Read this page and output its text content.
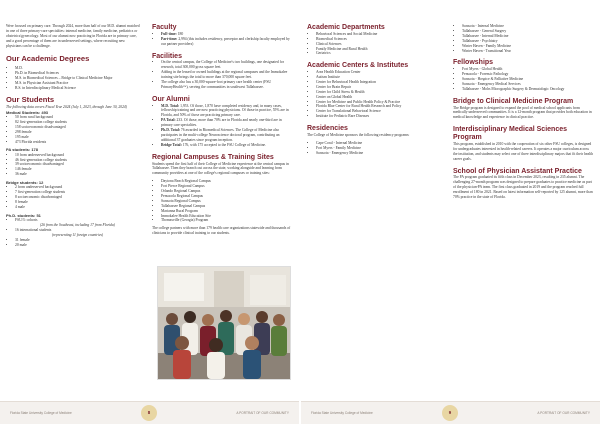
Were focused on primary care. Through 2024, more than half of our M.D. alumni matched in one of three primary-care specialties: internal medicine, family medicine, pediatrics or obstetrics/gynecology. Most of our alumni now practicing in Florida are in primary care, and a good percentage of them are in underserved settings, where recruiting new physicians can be a challenge.

Our Academic Degrees
• M.D.
• Ph.D. in Biomedical Sciences
• M.S. in Biomedical Sciences – Bridge to Clinical Medicine Major
• M.S. in Physician Assistant Practice
• B.S. in Interdisciplinary Medical Science
Our Students

The following data covers Fiscal Year 2024 (July 1, 2023, through June 30, 2024)

Medical Students: 493
• 50 from rural background
• 82 first-generation college students
• 158 socioeconomic disadvantaged
• 298 female
• 195 male
• 473 Florida residents
PA students: 178
• 10 from underserved background
• 46 first-generation college students
• 39 socioeconomic disadvantaged
• 146 female
• 36 male
Bridge students: 12
• 2 from underserved background
• 7 first-generation college students
• 8 socioeconomic disadvantaged
• 8 female
• 4 male
Ph.D. students: 51
• FSU/3: cohorts
(26 from the Southeast, including 17 from Florida)
• 16 international students
(representing 11 foreign countries)
• 31 female
• 20 male
Faculty
• Full-time: 180
• Part-time: 2,994 (this includes residency, preceptor and clerkship faculty employed by our partner providers)
Facilities
• On the central campus, the College of Medicine's two buildings, one designated for research, total 300,000 gross square feet.
• Adding in the leased or owned buildings at the regional campuses and the Immokalee training site brings the total to more than 370,000 square feet.
• The college also has a 30,000-square-foot primary care health center (FSU PrimaryHealth™), serving the communities in southwest Tallahassee.
Our Alumni
• M.D. Total: 1,953. Of those, 1,870 have completed residency and, in many cases, fellowship training and are now practicing physicians. Of those in practice, 55% are in Florida, and 50% of those are practicing primary care.
• PA Total: 233. Of those, more than 70% are in Florida and nearly one-third are in primary care specialties.
• Ph.D. Total: 76 awarded in Biomedical Sciences. The College of Medicine also participates in the multi-college Neuroscience doctoral program, contributing an additional 37 graduates since program inception.
• Bridge Total: 176, with 175 accepted to the FSU College of Medicine.
Regional Campuses & Training Sites

Students spend the first half of their College of Medicine experience at the central campus in Tallahassee. Then they branch out across the state, working alongside and learning from community providers at one of the college's regional campuses or training sites:

• Daytona Beach Regional Campus
• Fort Pierce Regional Campus
• Orlando Regional Campus
• Pensacola Regional Campus
• Sarasota Regional Campus
• Tallahassee Regional Campus
• Marianna Rural Program
• Immokalee Health Education Site
• Thomasville (Georgia) Program

The college partners with more than 179 health care organizations statewide and thousands of clinicians to provide clinical training to our students.

Florida State University College of Medicine	8	A PORTRAIT OF OUR COMMUNITY
Academic Departments
• Behavioral Sciences and Social Medicine
• Biomedical Sciences
• Clinical Sciences
• Family Medicine and Rural Health
• Geriatrics
Academic Centers & Institutes
• Area Health Education Center
• Autism Institute
• Center for Behavioral Health Integration
• Center for Brain Repair
• Center for Child Stress & Health
• Center on Global Health
• Center for Medicine and Public Health Policy & Practice
• Florida Blue Center for Rural Health Research and Policy
• Center for Translational Behavioral Science
• Institute for Pediatric Rare Diseases
Residencies

The College of Medicine sponsors the following residency programs:

• Cape Coral - Internal Medicine
• Fort Myers - Family Medicine
• Sarasota - Emergency Medicine
• Sarasota - Internal Medicine
• Tallahassee - General Surgery
• Tallahassee - Internal Medicine
• Tallahassee - Psychiatry
• Winter Haven - Family Medicine
• Winter Haven - Transitional Year
Fellowships
• Fort Myers - Global Health
• Pensacola - Forensic Pathology
• Sarasota - Hospice & Palliative Medicine
• Sarasota - Emergency Medical Services
• Tallahassee - Mohs Micrographic Surgery & Dermatologic Oncology
Bridge to Clinical Medicine Program

The Bridge program is designed to expand the pool of medical school applicants from medically underserved communities. It is a 12-month program that provides both education in medical knowledge and experience in clinical practice.

Interdisciplinary Medical Sciences Program

This program, established in 2010 with the cooperation of six other FSU colleges, is designed for undergraduates interested in health-related careers. It operates a major curriculum across the institution, and students may select one of three interdisciplinary majors that fit their health career goals.

School of Physician Assistant Practice

The PA program graduated its fifth class in December 2023, resulting in 235 alumni. The challenging 27-month program was designed to prepare graduates to practice medicine as part of the physician-PA team. The first class graduated in 2019 and the program reached full enrollment of 180 in 2021. Based on latest information self-reported by 125 alumni, more than 70% practice in the state of Florida.

Florida State University College of Medicine	9	A PORTRAIT OF OUR COMMUNITY
